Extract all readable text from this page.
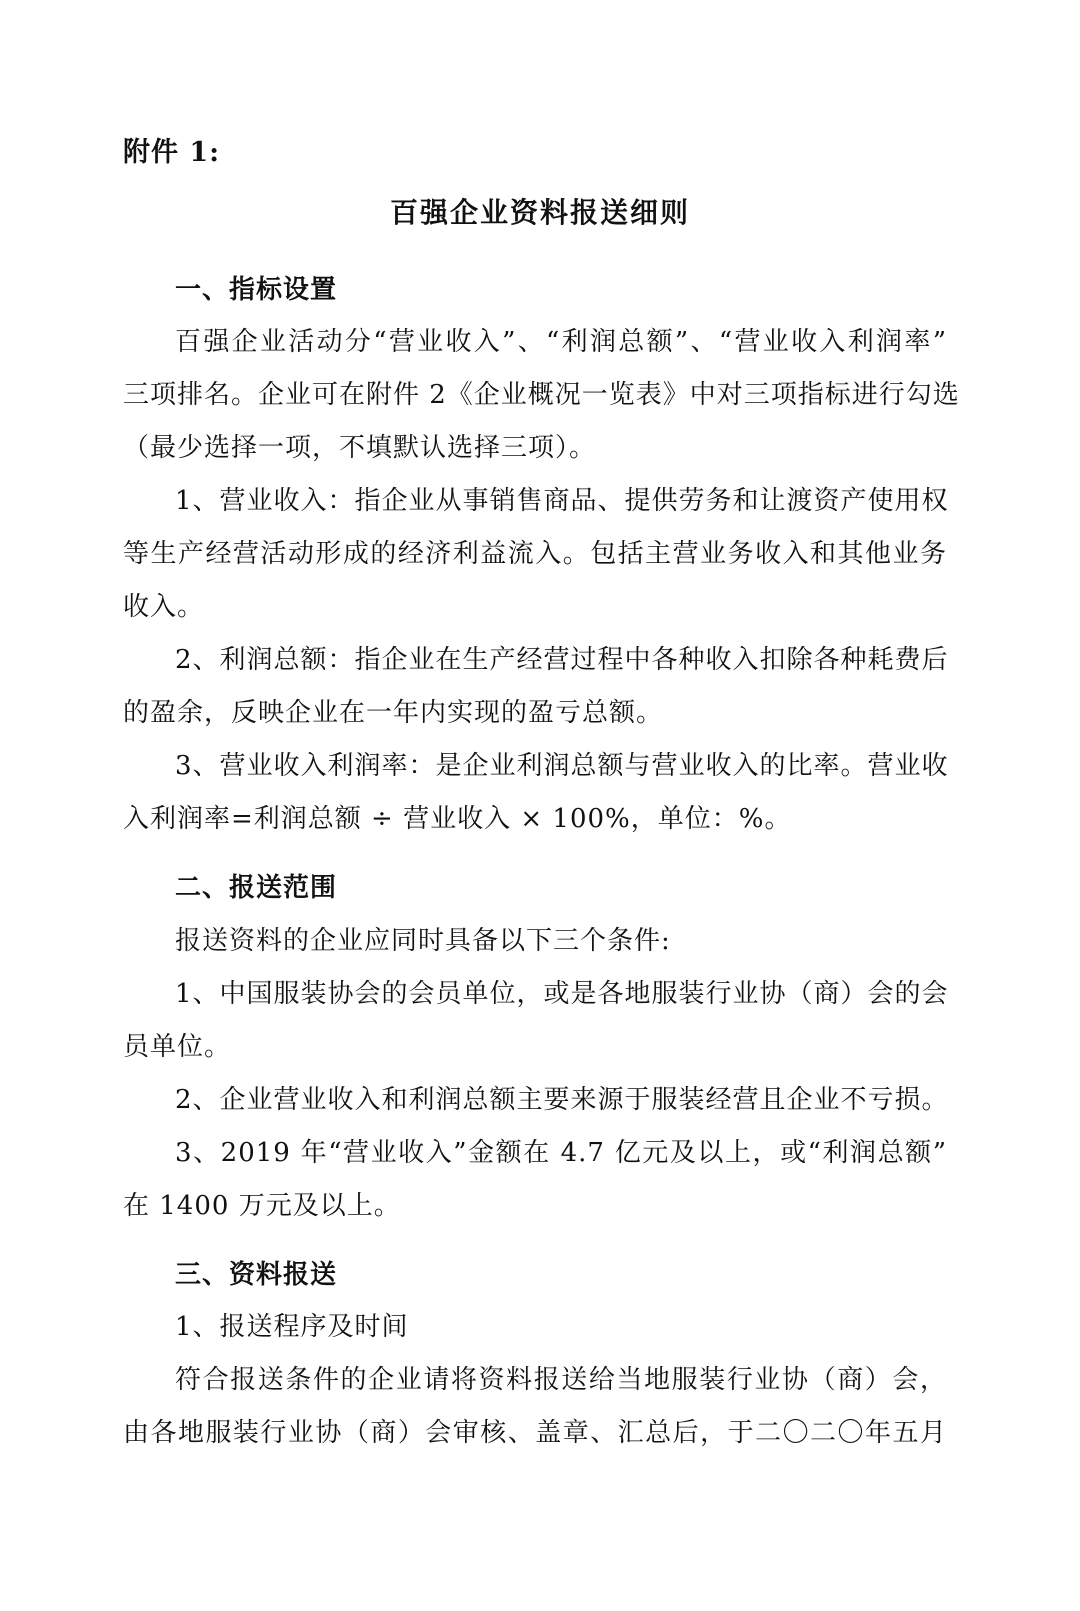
附件 1:
百强企业资料报送细则
一、指标设置
百强企业活动分“营业收入”、“利润总额”、“营业收入利润率”
三项排名。企业可在附件 2《企业概况一览表》中对三项指标进行勾选
（最少选择一项，不填默认选择三项）。
1、营业收入：指企业从事销售商品、提供劳务和让渡资产使用权
等生产经营活动形成的经济利益流入。包括主营业务收入和其他业务
收入。
2、利润总额：指企业在生产经营过程中各种收入扣除各种耗费后
的盈余，反映企业在一年内实现的盈亏总额。
3、营业收入利润率：是企业利润总额与营业收入的比率。营业收
入利润率=利润总额 ÷ 营业收入 × 100%，单位：%。
二、报送范围
报送资料的企业应同时具备以下三个条件:
1、中国服装协会的会员单位，或是各地服装行业协（商）会的会
员单位。
2、企业营业收入和利润总额主要来源于服装经营且企业不亏损。
3、2019 年“营业收入”金额在 4.7 亿元及以上，或“利润总额”
在 1400 万元及以上。
三、资料报送
1、报送程序及时间
符合报送条件的企业请将资料报送给当地服装行业协（商）会，
由各地服装行业协（商）会审核、盖章、汇总后，于二〇二〇年五月
